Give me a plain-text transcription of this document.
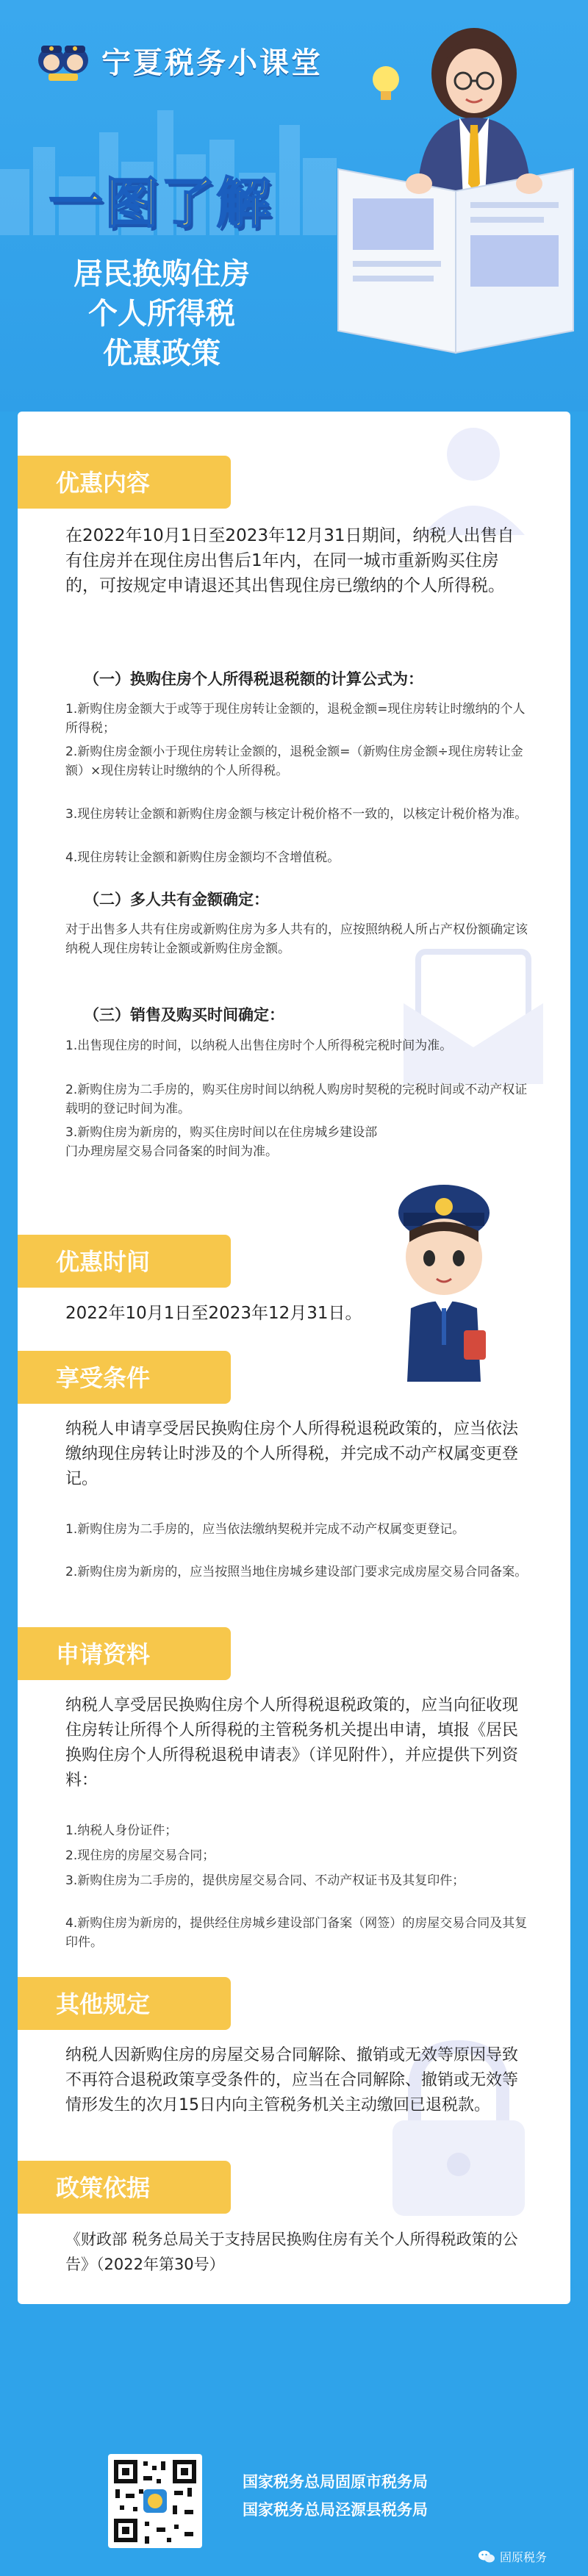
宁夏税务小课堂
一图了解
居民换购住房
个人所得税
优惠政策
优惠内容
在2022年10月1日至2023年12月31日期间，纳税人出售自有住房并在现住房出售后1年内，在同一城市重新购买住房的，可按规定申请退还其出售现住房已缴纳的个人所得税。
（一）换购住房个人所得税退税额的计算公式为：
1.新购住房金额大于或等于现住房转让金额的，退税金额=现住房转让时缴纳的个人所得税；
2.新购住房金额小于现住房转让金额的，退税金额=（新购住房金额÷现住房转让金额）×现住房转让时缴纳的个人所得税。
3.现住房转让金额和新购住房金额与核定计税价格不一致的，以核定计税价格为准。
4.现住房转让金额和新购住房金额均不含增值税。
（二）多人共有金额确定：
对于出售多人共有住房或新购住房为多人共有的，应按照纳税人所占产权份额确定该纳税人现住房转让金额或新购住房金额。
（三）销售及购买时间确定：
1.出售现住房的时间，以纳税人出售住房时个人所得税完税时间为准。
2.新购住房为二手房的，购买住房时间以纳税人购房时契税的完税时间或不动产权证载明的登记时间为准。
3.新购住房为新房的，购买住房时间以在住房城乡建设部门办理房屋交易合同备案的时间为准。
优惠时间
2022年10月1日至2023年12月31日。
享受条件
纳税人申请享受居民换购住房个人所得税退税政策的，应当依法缴纳现住房转让时涉及的个人所得税，并完成不动产权属变更登记。
1.新购住房为二手房的，应当依法缴纳契税并完成不动产权属变更登记。
2.新购住房为新房的，应当按照当地住房城乡建设部门要求完成房屋交易合同备案。
申请资料
纳税人享受居民换购住房个人所得税退税政策的，应当向征收现住房转让所得个人所得税的主管税务机关提出申请，填报《居民换购住房个人所得税退税申请表》（详见附件），并应提供下列资料：
1.纳税人身份证件；
2.现住房的房屋交易合同；
3.新购住房为二手房的，提供房屋交易合同、不动产权证书及其复印件；
4.新购住房为新房的，提供经住房城乡建设部门备案（网签）的房屋交易合同及其复印件。
其他规定
纳税人因新购住房的房屋交易合同解除、撤销或无效等原因导致不再符合退税政策享受条件的，应当在合同解除、撤销或无效等情形发生的次月15日内向主管税务机关主动缴回已退税款。
政策依据
《财政部 税务总局关于支持居民换购住房有关个人所得税政策的公告》（2022年第30号）
国家税务总局固原市税务局
国家税务总局泾源县税务局
固原税务
